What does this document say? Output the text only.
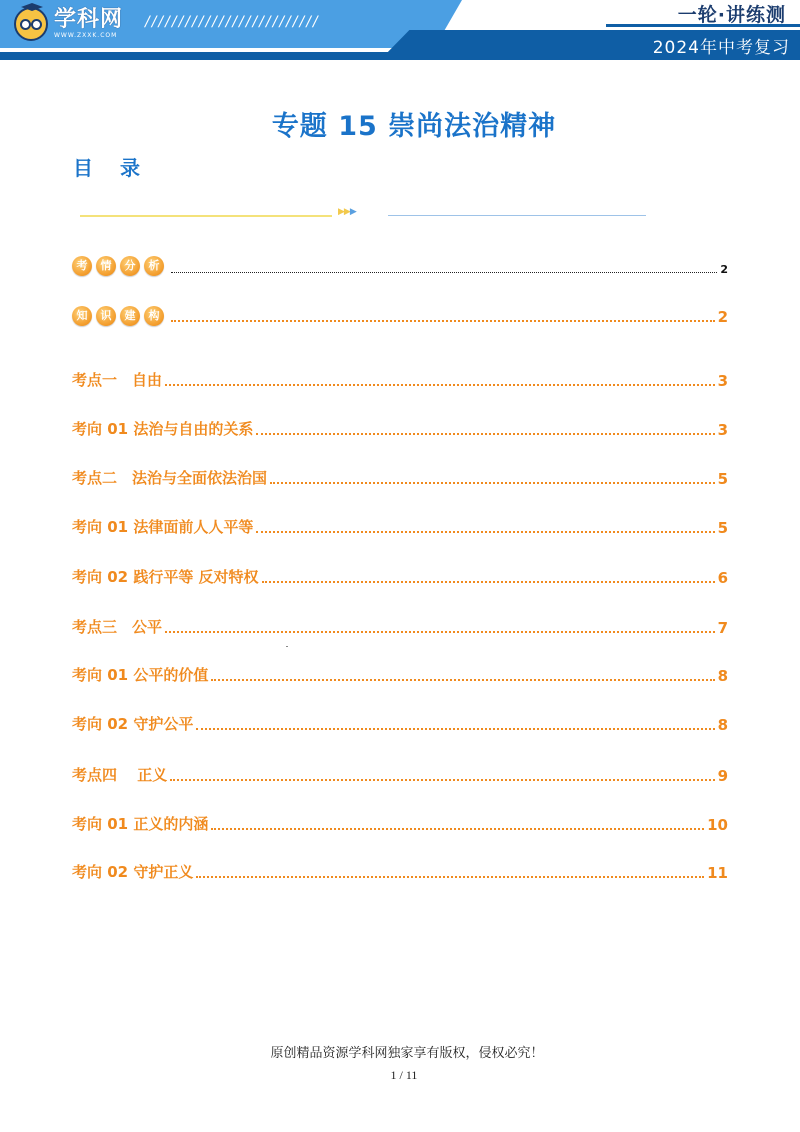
学科网
WWW.ZXXK.COM
//////////////////////////	一轮·讲练测
2024年中考复习
专题 15 崇尚法治精神
目 录
▶▶▶
考	情	分	析	2
知	识	建	构	2
考点一　自由	3
考向 01 法治与自由的关系	3
考点二　法治与全面依法治国	5
考向 01 法律面前人人平等	5
考向 02 践行平等 反对特权	6
考点三　公平	7
考向 01 公平的价值	8
考向 02 守护公平	8
考点四　 正义	9
考向 01 正义的内涵	10
考向 02 守护正义	11
原创精品资源学科网独家享有版权，侵权必究！
1 / 11
